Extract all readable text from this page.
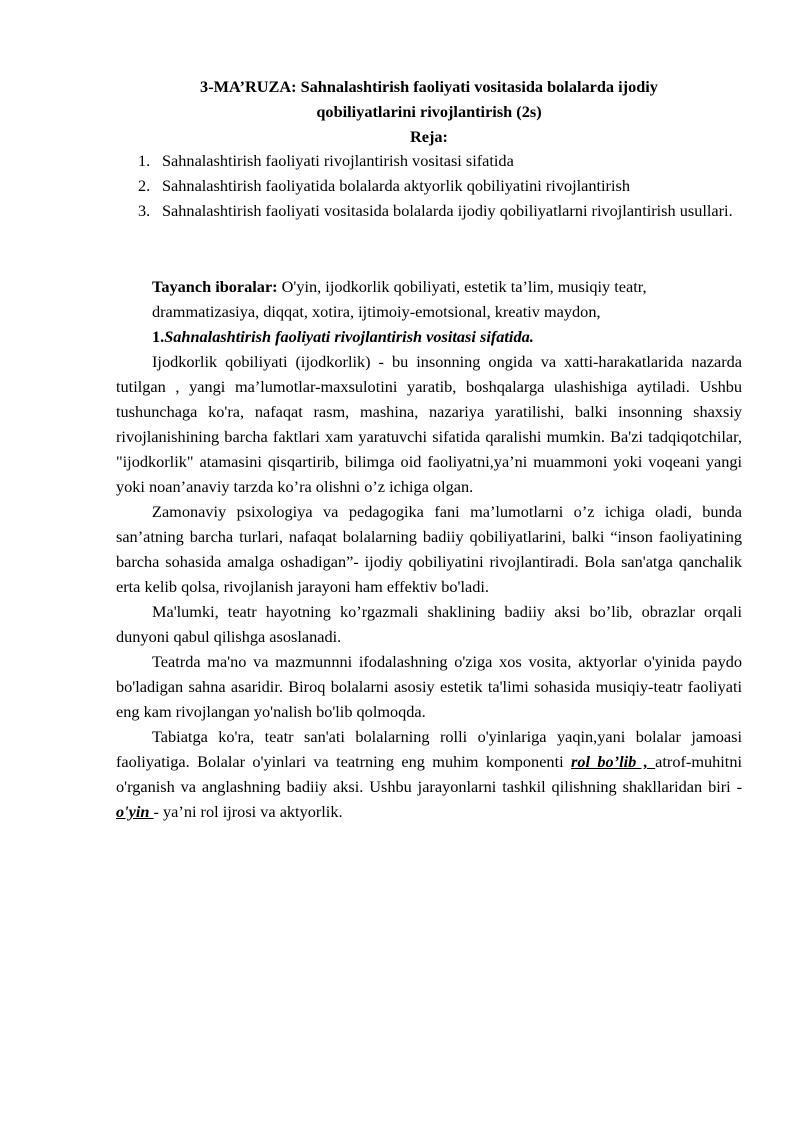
3-MA’RUZA: Sahnalashtirish faoliyati vositasida bolalarda ijodiy
qobiliyatlarini rivojlantirish (2s)
Reja:
1. Sahnalashtirish faoliyati rivojlantirish vositasi sifatida
2. Sahnalashtirish faoliyatida bolalarda aktyorlik qobiliyatini rivojlantirish
3. Sahnalashtirish faoliyati vositasida bolalarda ijodiy qobiliyatlarni rivojlantirish usullari.
Tayanch iboralar: O'yin, ijodkorlik qobiliyati, estetik ta’lim, musiqiy teatr,
drammatizasiya, diqqat, xotira, ijtimoiy-emotsional, kreativ maydon,
1.Sahnalashtirish faoliyati rivojlantirish vositasi sifatida.

Ijodkorlik qobiliyati (ijodkorlik) - bu insonning ongida va xatti-harakatlarida nazarda tutilgan , yangi ma’lumotlar-maxsulotini yaratib, boshqalarga ulashishiga aytiladi. Ushbu tushunchaga ko'ra, nafaqat rasm, mashina, nazariya yaratilishi, balki insonning shaxsiy rivojlanishining barcha faktlari xam yaratuvchi sifatida qaralishi mumkin. Ba'zi tadqiqotchilar, "ijodkorlik" atamasini qisqartirib, bilimga oid faoliyatni,ya’ni muammoni yoki voqeani yangi yoki noan’anaviy tarzda ko’ra olishni o’z ichiga olgan.

Zamonaviy psixologiya va pedagogika fani ma’lumotlarni o’z ichiga oladi, bunda san’atning barcha turlari, nafaqat bolalarning badiiy qobiliyatlarini, balki “inson faoliyatining barcha sohasida amalga oshadigan”- ijodiy qobiliyatini rivojlantiradi. Bola san'atga qanchalik erta kelib qolsa, rivojlanish jarayoni ham effektiv bo'ladi.

Ma'lumki, teatr hayotning ko’rgazmali shaklining badiiy aksi bo’lib, obrazlar orqali dunyoni qabul qilishga asoslanadi.

Teatrda ma'no va mazmunnni ifodalashning o'ziga xos vosita, aktyorlar o'yinida paydo bo'ladigan sahna asaridir. Biroq bolalarni asosiy estetik ta'limi sohasida musiqiy-teatr faoliyati eng kam rivojlangan yo'nalish bo'lib qolmoqda.

Tabiatga ko'ra, teatr san'ati bolalarning rolli o'yinlariga yaqin,yani bolalar jamoasi faoliyatiga. Bolalar o'yinlari va teatrning eng muhim komponenti rol bo’lib , atrof-muhitni o'rganish va anglashning badiiy aksi. Ushbu jarayonlarni tashkil qilishning shakllaridan biri - o'yin - ya’ni rol ijrosi va aktyorlik.
